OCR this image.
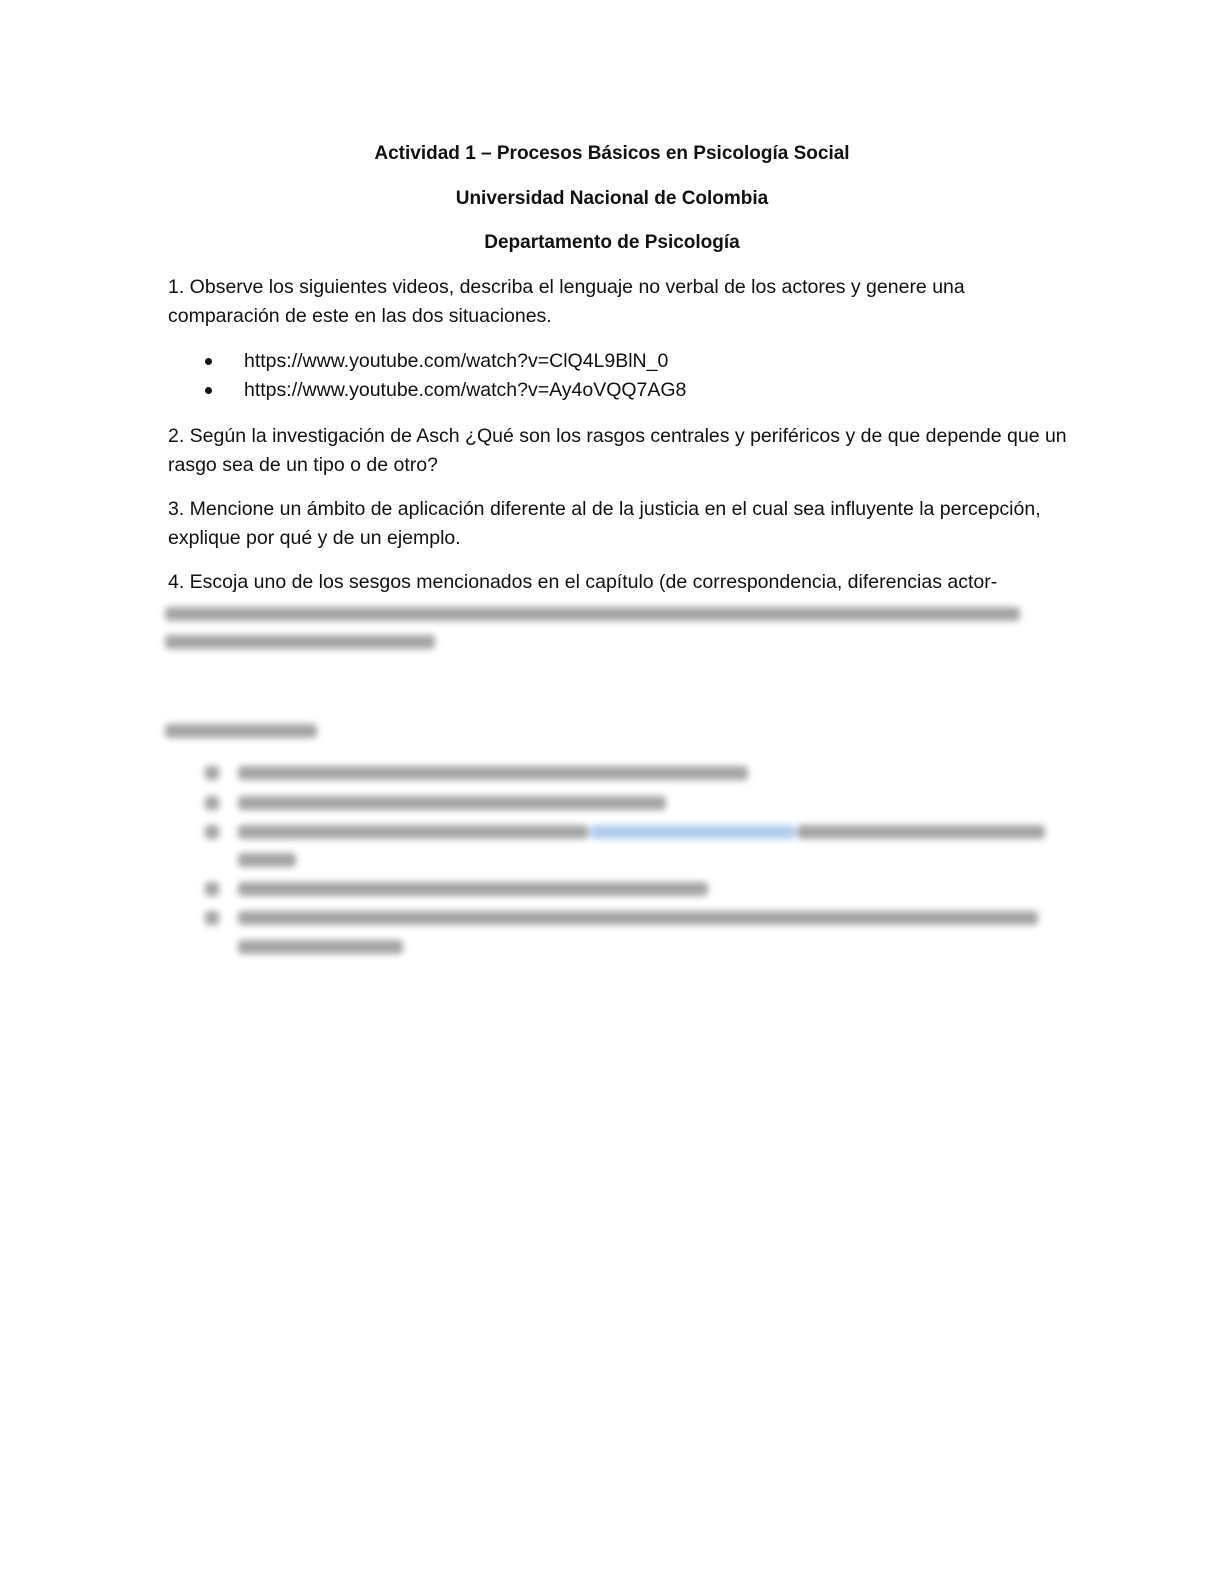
Actividad 1 – Procesos Básicos en Psicología Social
Universidad Nacional de Colombia
Departamento de Psicología

1. Observe los siguientes videos, describa el lenguaje no verbal de los actores y genere una comparación de este en las dos situaciones.

https://www.youtube.com/watch?v=ClQ4L9BlN_0
https://www.youtube.com/watch?v=Ay4oVQQ7AG8

2. Según la investigación de Asch ¿Qué son los rasgos centrales y periféricos y de que depende que un rasgo sea de un tipo o de otro?

3. Mencione un ámbito de aplicación diferente al de la justicia en el cual sea influyente la percepción, explique por qué y de un ejemplo.

4. Escoja uno de los sesgos mencionados en el capítulo (de correspondencia, diferencias actor-
